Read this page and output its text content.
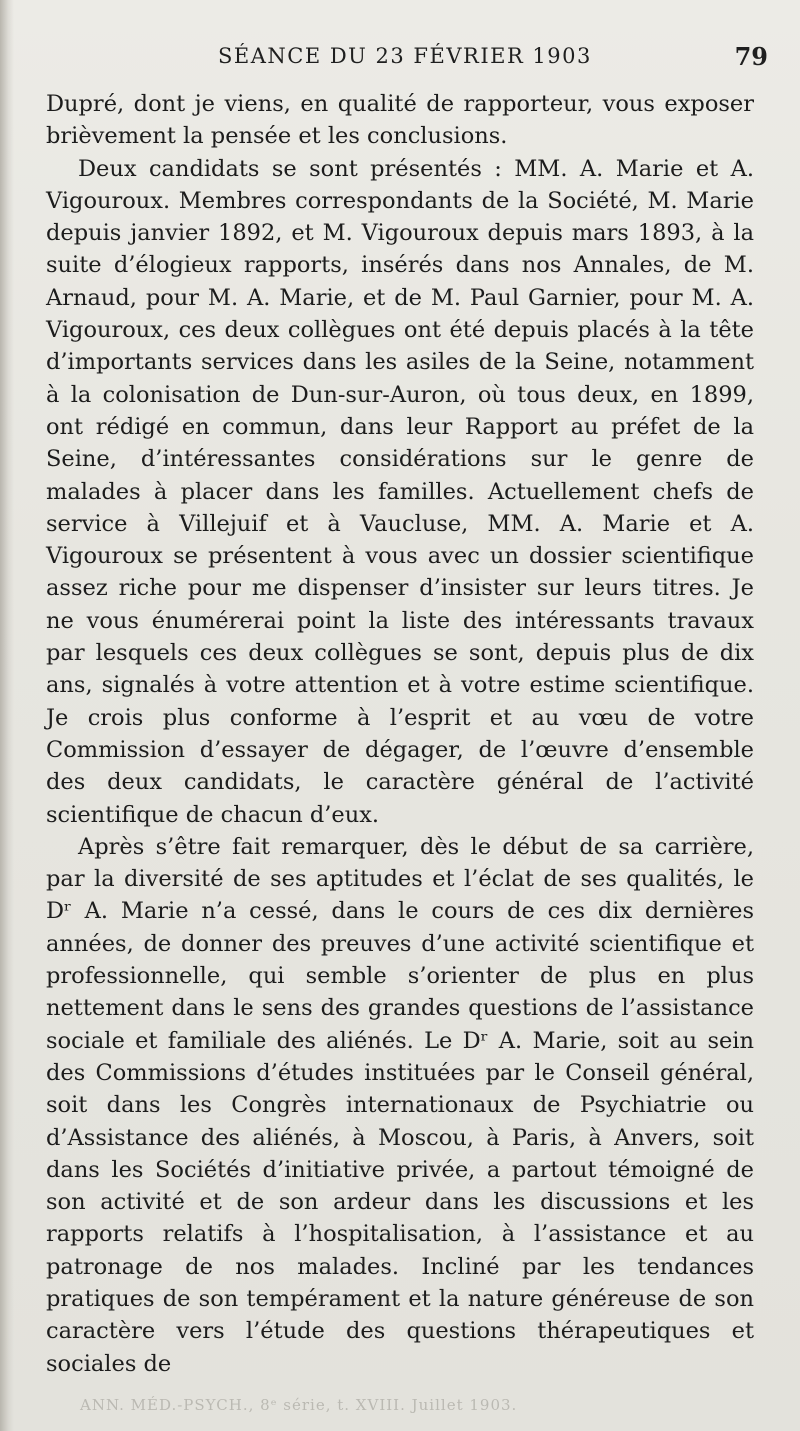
SÉANCE DU 23 FÉVRIER 1903	79

Dupré, dont je viens, en qualité de rapporteur, vous exposer brièvement la pensée et les conclusions.

Deux candidats se sont présentés : MM. A. Marie et A. Vigouroux. Membres correspondants de la Société, M. Marie depuis janvier 1892, et M. Vigouroux depuis mars 1893, à la suite d’élogieux rapports, insérés dans nos Annales, de M. Arnaud, pour M. A. Marie, et de M. Paul Garnier, pour M. A. Vigouroux, ces deux collègues ont été depuis placés à la tête d’importants services dans les asiles de la Seine, notamment à la colonisation de Dun-sur-Auron, où tous deux, en 1899, ont rédigé en commun, dans leur Rapport au préfet de la Seine, d’intéressantes considérations sur le genre de malades à placer dans les familles. Actuellement chefs de service à Villejuif et à Vaucluse, MM. A. Marie et A. Vigouroux se présentent à vous avec un dossier scientifique assez riche pour me dispenser d’insister sur leurs titres. Je ne vous énumérerai point la liste des intéressants travaux par lesquels ces deux collègues se sont, depuis plus de dix ans, signalés à votre attention et à votre estime scientifique. Je crois plus conforme à l’esprit et au vœu de votre Commission d’essayer de dégager, de l’œuvre d’ensemble des deux candidats, le caractère général de l’activité scientifique de chacun d’eux.

Après s’être fait remarquer, dès le début de sa carrière, par la diversité de ses aptitudes et l’éclat de ses qualités, le Dʳ A. Marie n’a cessé, dans le cours de ces dix dernières années, de donner des preuves d’une activité scientifique et professionnelle, qui semble s’orienter de plus en plus nettement dans le sens des grandes questions de l’assistance sociale et familiale des aliénés. Le Dʳ A. Marie, soit au sein des Commissions d’études instituées par le Conseil général, soit dans les Congrès internationaux de Psychiatrie ou d’Assistance des aliénés, à Moscou, à Paris, à Anvers, soit dans les Sociétés d’initiative privée, a partout témoigné de son activité et de son ardeur dans les discussions et les rapports relatifs à l’hospitalisation, à l’assistance et au patronage de nos malades. Incliné par les tendances pratiques de son tempérament et la nature généreuse de son caractère vers l’étude des questions thérapeutiques et sociales de

ANN. MÉD.-PSYCH., 8ᵉ série, t. XVIII. Juillet 1903.
